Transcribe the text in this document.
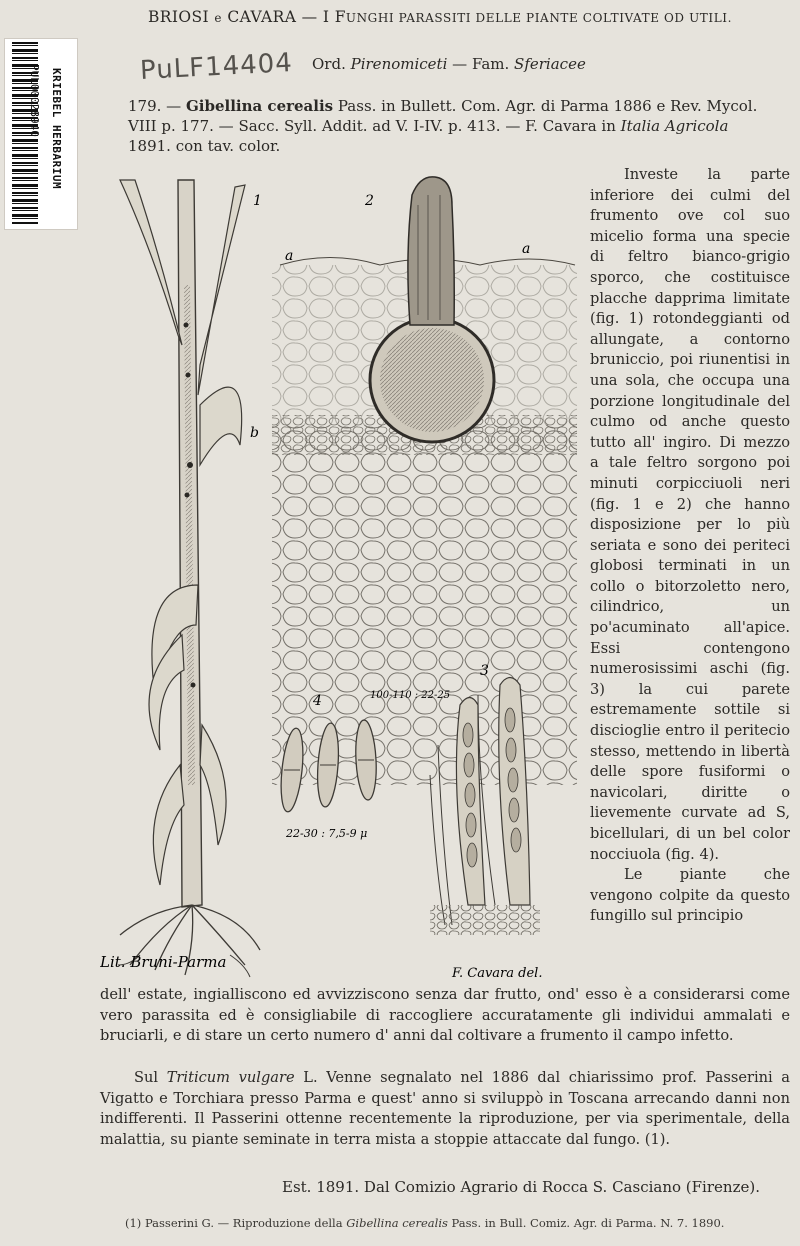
KRIEBEL HERBARIUM
PUL00028940
BRIOSI e CAVARA — I FUNGHI PARASSITI DELLE PIANTE COLTIVATE OD UTILI.
PuLF14404 Ord. Pirenomiceti — Fam. Sferiacee
179. — Gibellina cerealis Pass. in Bullett. Com. Agr. di Parma 1886 e Rev. Mycol. VIII p. 177. — Sacc. Syll. Addit. ad V. I-IV. p. 413. — F. Cavara in Italia Agricola 1891. con tav. color.
Investe la parte inferiore dei culmi del frumento ove col suo micelio forma una specie di feltro bianco-grigio sporco, che costituisce placche dapprima limitate (fig. 1) rotondeggianti od allungate, a contorno bruniccio, poi riunentisi in una sola, che occupa una porzione longitudinale del culmo od anche questo tutto all' ingiro. Di mezzo a tale feltro sorgono poi minuti corpicciuoli neri (fig. 1 e 2) che hanno disposizione per lo più seriata e sono dei periteci globosi terminati in un collo o bitorzoletto nero, cilindrico, un po'acuminato all'apice. Essi contengono numerosissimi aschi (fig. 3) la cui parete estremamente sottile si discioglie entro il peritecio stesso, mettendo in libertà delle spore fusiformi o navicolari, diritte o lievemente curvate ad S, bicellulari, di un bel color nocciuola (fig. 4).
Le piante che vengono colpite da questo fungillo sul principio
1	2
3
4
a	a
b
100-110 : 22-25
22-30 : 7,5-9 μ
Lit. Bruni-Parma
F. Cavara del.
dell' estate, ingialliscono ed avvizziscono senza dar frutto, ond' esso è a considerarsi come vero parassita ed è consigliabile di raccogliere accuratamente gli individui ammalati e bruciarli, e di stare un certo numero d' anni dal coltivare a frumento il campo infetto.
Sul Triticum vulgare L. Venne segnalato nel 1886 dal chiarissimo prof. Passerini a Vigatto e Torchiara presso Parma e quest' anno si sviluppò in Toscana arrecando danni non indifferenti. Il Passerini ottenne recentemente la riproduzione, per via sperimentale, della malattia, su piante seminate in terra mista a stoppie attaccate dal fungo. (1).
Est. 1891. Dal Comizio Agrario di Rocca S. Casciano (Firenze).
(1) Passerini G. — Riproduzione della Gibellina cerealis Pass. in Bull. Comiz. Agr. di Parma. N. 7. 1890.
